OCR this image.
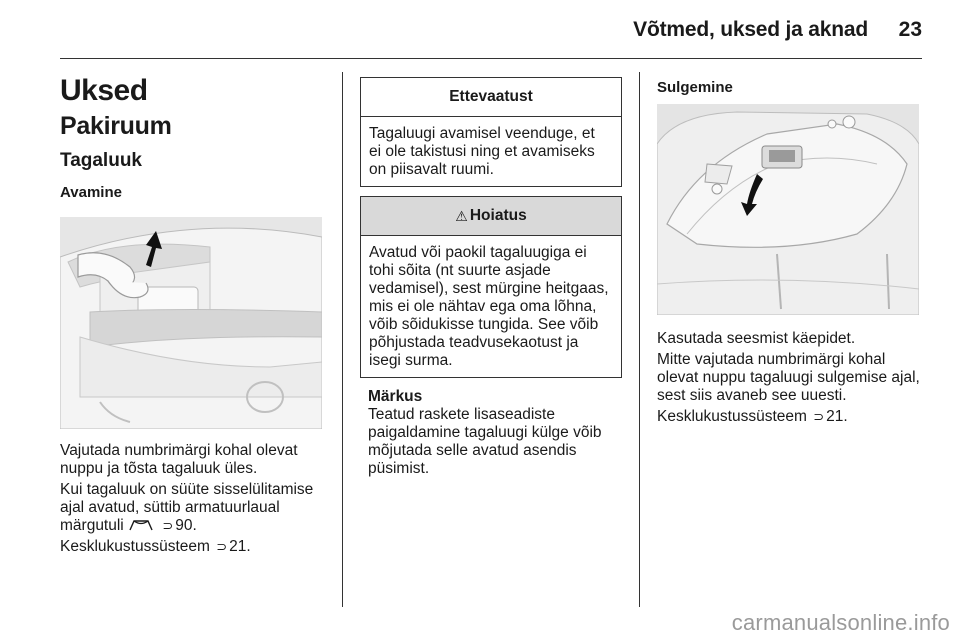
Võtmed, uksed ja aknad 23
Uksed
Pakiruum
Tagaluuk
Avamine

Vajutada numbrimärgi kohal olevat nuppu ja tõsta tagaluuk üles.

Kui tagaluuk on süüte sisselülitamise ajal avatud, süttib armatuurlaual märgutuli	⊃ 90.

Kesklukustussüsteem ⊃ 21.

Ettevaatust
Tagaluugi avamisel veenduge, et ei ole takistusi ning et avamiseks on piisavalt ruumi.
⚠ Hoiatus
Avatud või paokil tagaluugiga ei tohi sõita (nt suurte asjade vedamisel), sest mürgine heitgaas, mis ei ole nähtav ega oma lõhna, võib sõidukisse tungida. See võib põhjustada teadvusekaotust ja isegi surma.
Märkus

Teatud raskete lisaseadiste paigaldamine tagaluugi külge võib mõjutada selle avatud asendis püsimist.

Sulgemine

Kasutada seesmist käepidet.

Mitte vajutada numbrimärgi kohal olevat nuppu tagaluugi sulgemise ajal, sest siis avaneb see uuesti.

Kesklukustussüsteem ⊃ 21.

carmanualsonline.info
